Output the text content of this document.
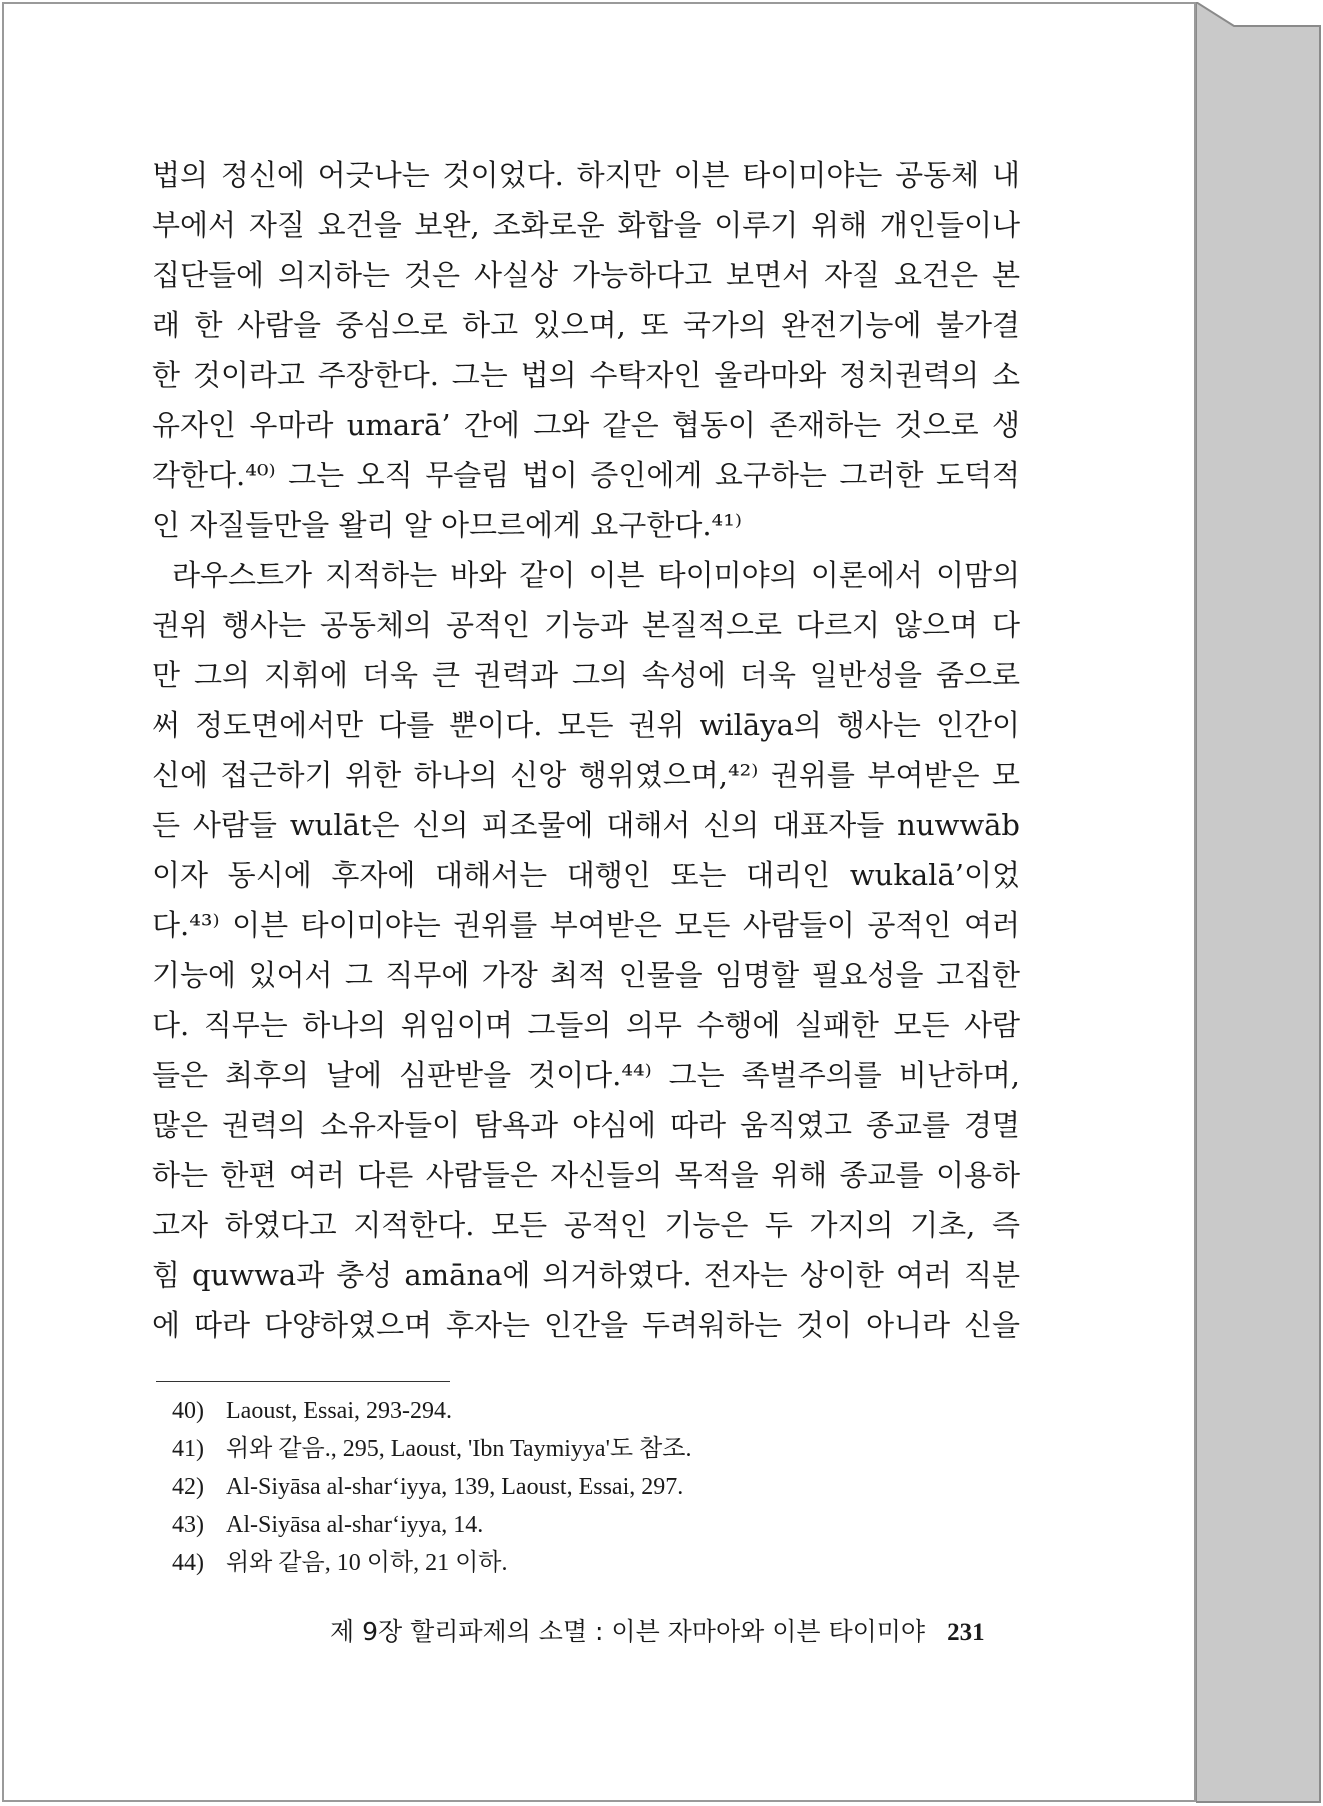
법의 정신에 어긋나는 것이었다. 하지만 이븐 타이미야는 공동체 내
부에서 자질 요건을 보완, 조화로운 화합을 이루기 위해 개인들이나
집단들에 의지하는 것은 사실상 가능하다고 보면서 자질 요건은 본
래 한 사람을 중심으로 하고 있으며, 또 국가의 완전기능에 불가결
한 것이라고 주장한다. 그는 법의 수탁자인 울라마와 정치권력의 소
유자인 우마라 umarā’ 간에 그와 같은 협동이 존재하는 것으로 생
각한다.⁴⁰⁾ 그는 오직 무슬림 법이 증인에게 요구하는 그러한 도덕적
인 자질들만을 왈리 알 아므르에게 요구한다.⁴¹⁾
라우스트가 지적하는 바와 같이 이븐 타이미야의 이론에서 이맘의
권위 행사는 공동체의 공적인 기능과 본질적으로 다르지 않으며 다
만 그의 지휘에 더욱 큰 권력과 그의 속성에 더욱 일반성을 줌으로
써 정도면에서만 다를 뿐이다. 모든 권위 wilāya의 행사는 인간이
신에 접근하기 위한 하나의 신앙 행위였으며,⁴²⁾ 권위를 부여받은 모
든 사람들 wulāt은 신의 피조물에 대해서 신의 대표자들 nuwwāb
이자 동시에 후자에 대해서는 대행인 또는 대리인 wukalā’이었
다.⁴³⁾ 이븐 타이미야는 권위를 부여받은 모든 사람들이 공적인 여러
기능에 있어서 그 직무에 가장 최적 인물을 임명할 필요성을 고집한
다. 직무는 하나의 위임이며 그들의 의무 수행에 실패한 모든 사람
들은 최후의 날에 심판받을 것이다.⁴⁴⁾ 그는 족벌주의를 비난하며,
많은 권력의 소유자들이 탐욕과 야심에 따라 움직였고 종교를 경멸
하는 한편 여러 다른 사람들은 자신들의 목적을 위해 종교를 이용하
고자 하였다고 지적한다. 모든 공적인 기능은 두 가지의 기초, 즉
힘 quwwa과 충성 amāna에 의거하였다. 전자는 상이한 여러 직분
에 따라 다양하였으며 후자는 인간을 두려워하는 것이 아니라 신을
40) Laoust, Essai, 293-294.
41) 위와 같음., 295, Laoust, 'Ibn Taymiyya'도 참조.
42) Al-Siyāsa al-shar‘iyya, 139, Laoust, Essai, 297.
43) Al-Siyāsa al-shar‘iyya, 14.
44) 위와 같음, 10 이하, 21 이하.
제 9장 할리파제의 소멸 : 이븐 자마아와 이븐 타이미야 231
